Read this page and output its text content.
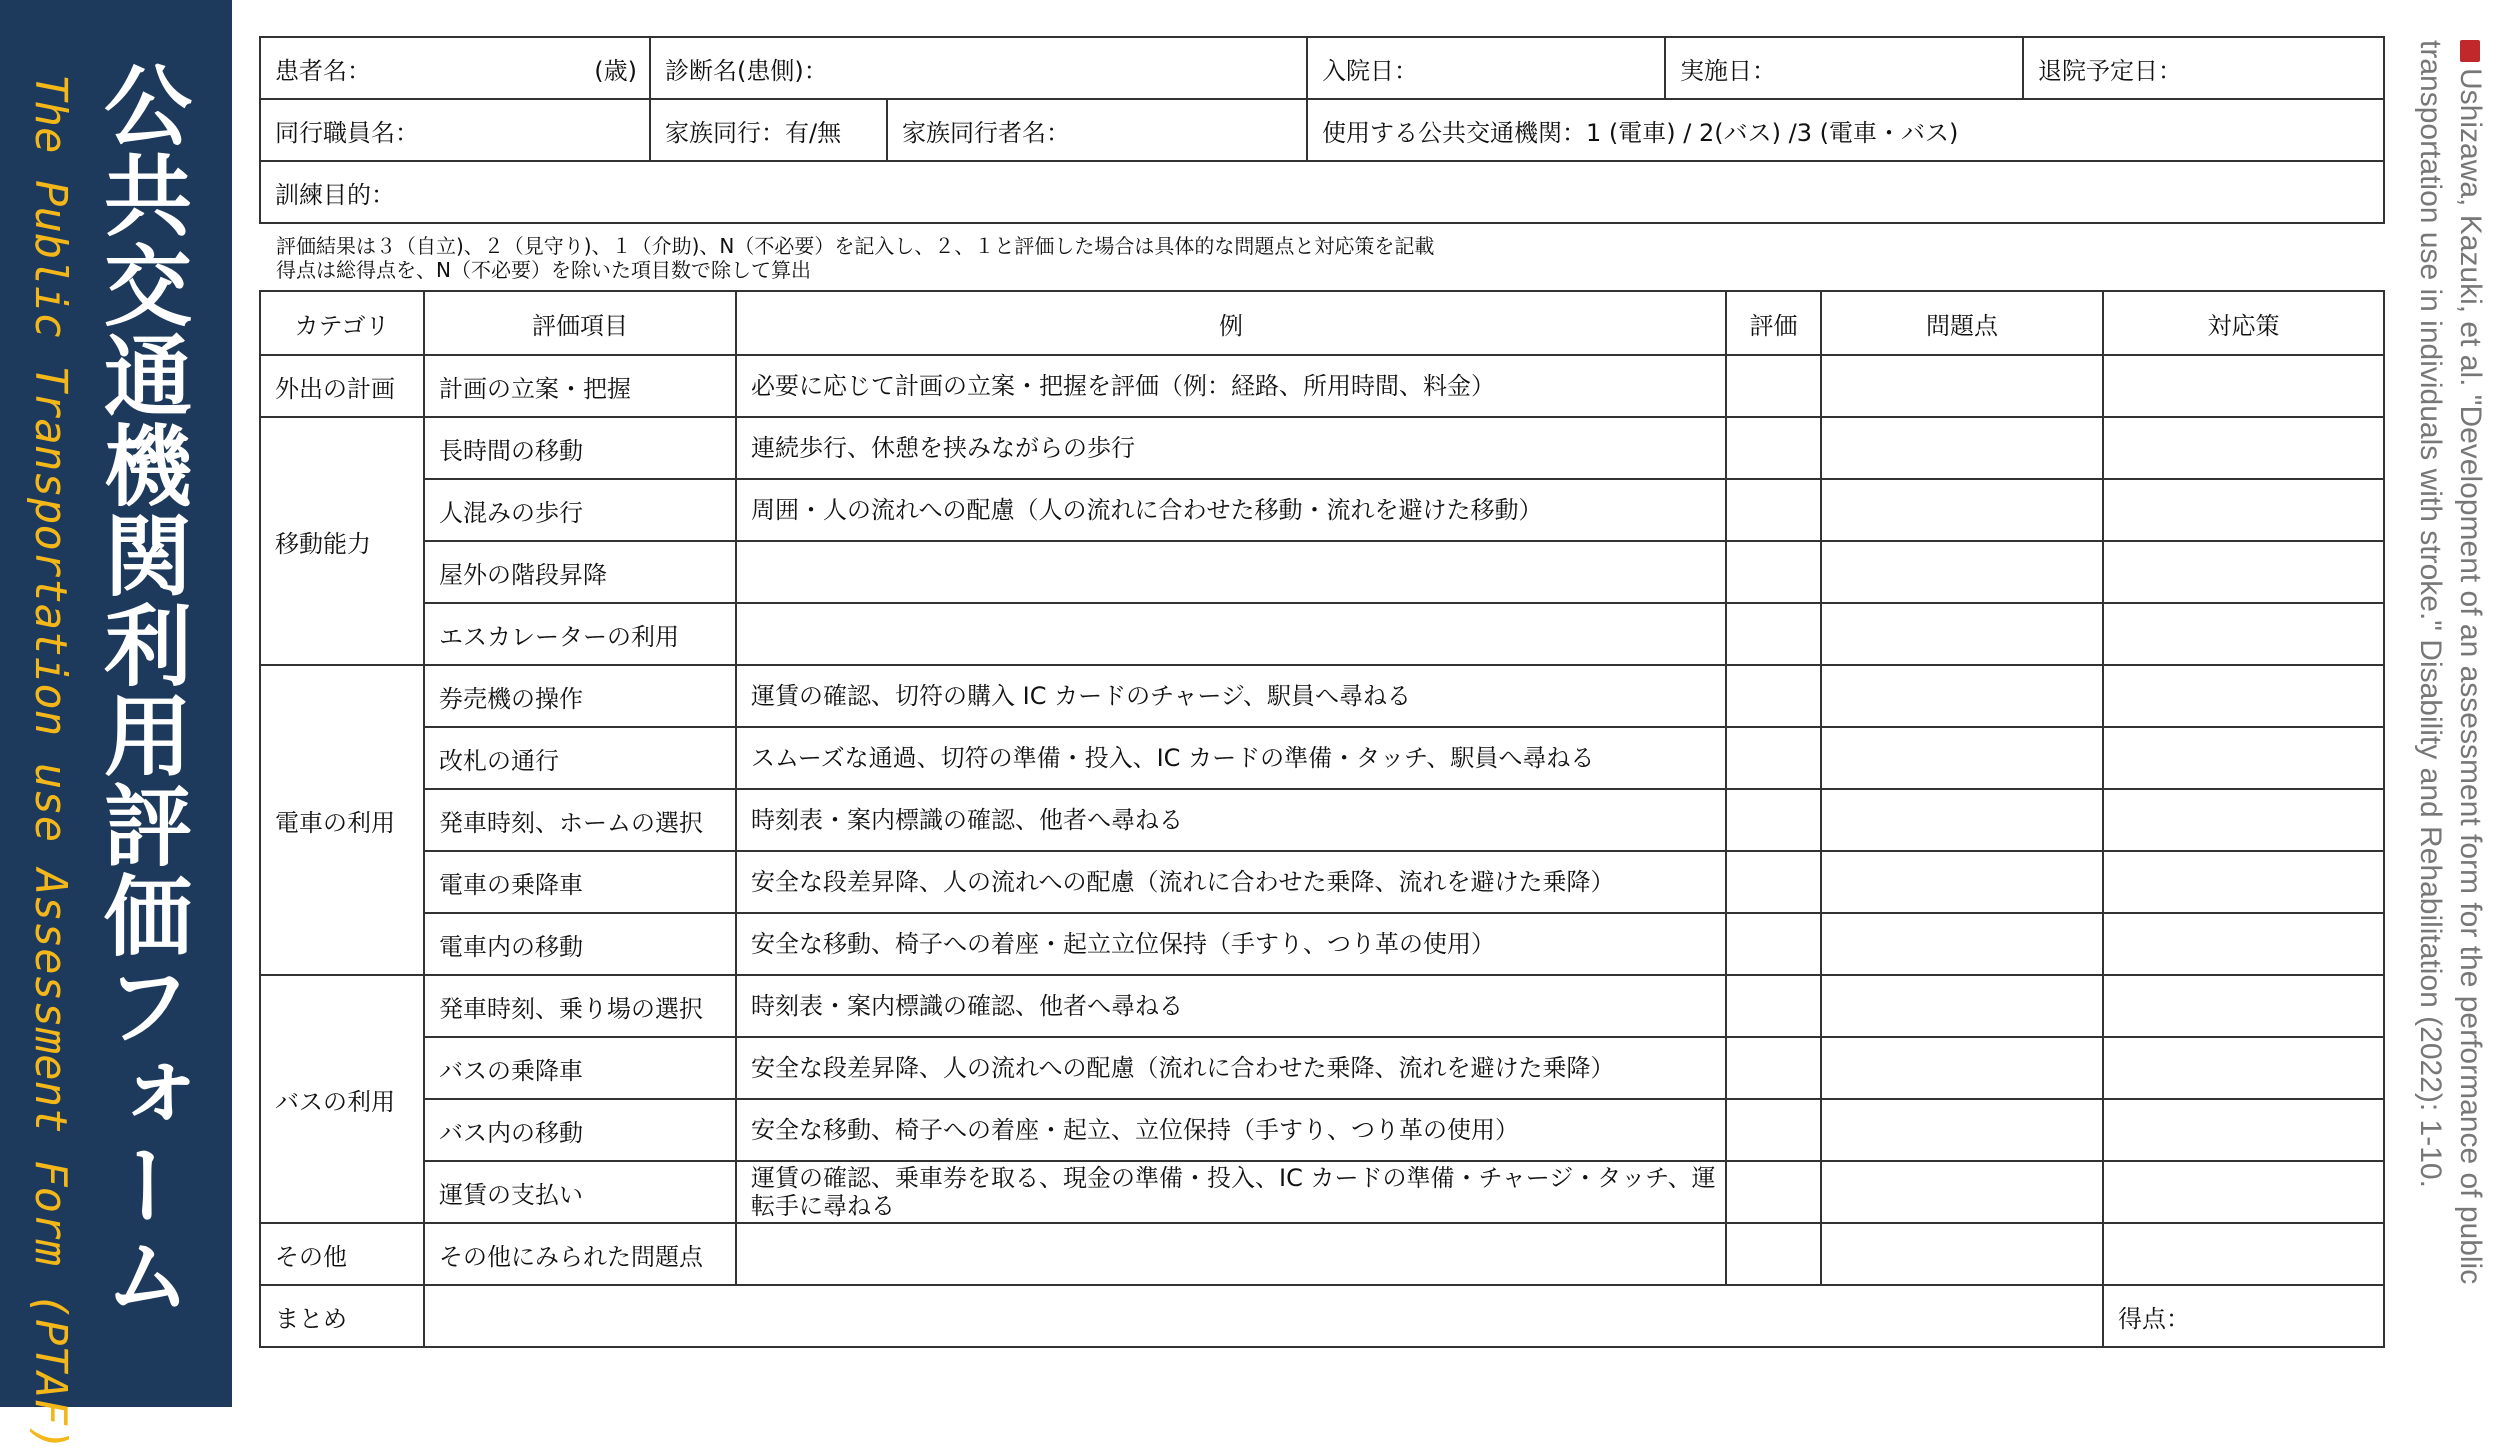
公共交通機関利用評価フォーム
The Public Transportation use Assessment Form (PTAF)	Ushizawa, Kazuki, et al. "Development of an assessment form for the performance of public transportation use in individuals with stroke." Disability and Rehabilitation (2022): 1-10.
患者名： (歳)	診断名(患側)：		入院日：	実施日：	退院予定日：
同行職員名：	家族同行：有/無	家族同行者名：	使用する公共交通機関：1 (電車) / 2(バス) /3 (電車・バス)		
訓練目的：					
評価結果は３（自立)、２（見守り)、１（介助)、N（不必要）を記入し、２、１と評価した場合は具体的な問題点と対応策を記載
得点は総得点を、N（不必要）を除いた項目数で除して算出
カテゴリ	評価項目	例	評価	問題点	対応策
外出の計画	計画の立案・把握	必要に応じて計画の立案・把握を評価（例：経路、所用時間、料金）			
移動能力	長時間の移動	連続歩行、休憩を挟みながらの歩行			
	人混みの歩行	周囲・人の流れへの配慮（人の流れに合わせた移動・流れを避けた移動）			
	屋外の階段昇降				
	エスカレーターの利用				
電車の利用	券売機の操作	運賃の確認、切符の購入 IC カードのチャージ、駅員へ尋ねる			
	改札の通行	スムーズな通過、切符の準備・投入、IC カードの準備・タッチ、駅員へ尋ねる			
	発車時刻、ホームの選択	時刻表・案内標識の確認、他者へ尋ねる			
	電車の乗降車	安全な段差昇降、人の流れへの配慮（流れに合わせた乗降、流れを避けた乗降）			
	電車内の移動	安全な移動、椅子への着座・起立立位保持（手すり、つり革の使用）			
バスの利用	発車時刻、乗り場の選択	時刻表・案内標識の確認、他者へ尋ねる			
	バスの乗降車	安全な段差昇降、人の流れへの配慮（流れに合わせた乗降、流れを避けた乗降）			
	バス内の移動	安全な移動、椅子への着座・起立、立位保持（手すり、つり革の使用）			
	運賃の支払い	運賃の確認、乗車券を取る、現金の準備・投入、IC カードの準備・チャージ・タッチ、運転手に尋ねる			
その他	その他にみられた問題点				
まとめ					得点：
